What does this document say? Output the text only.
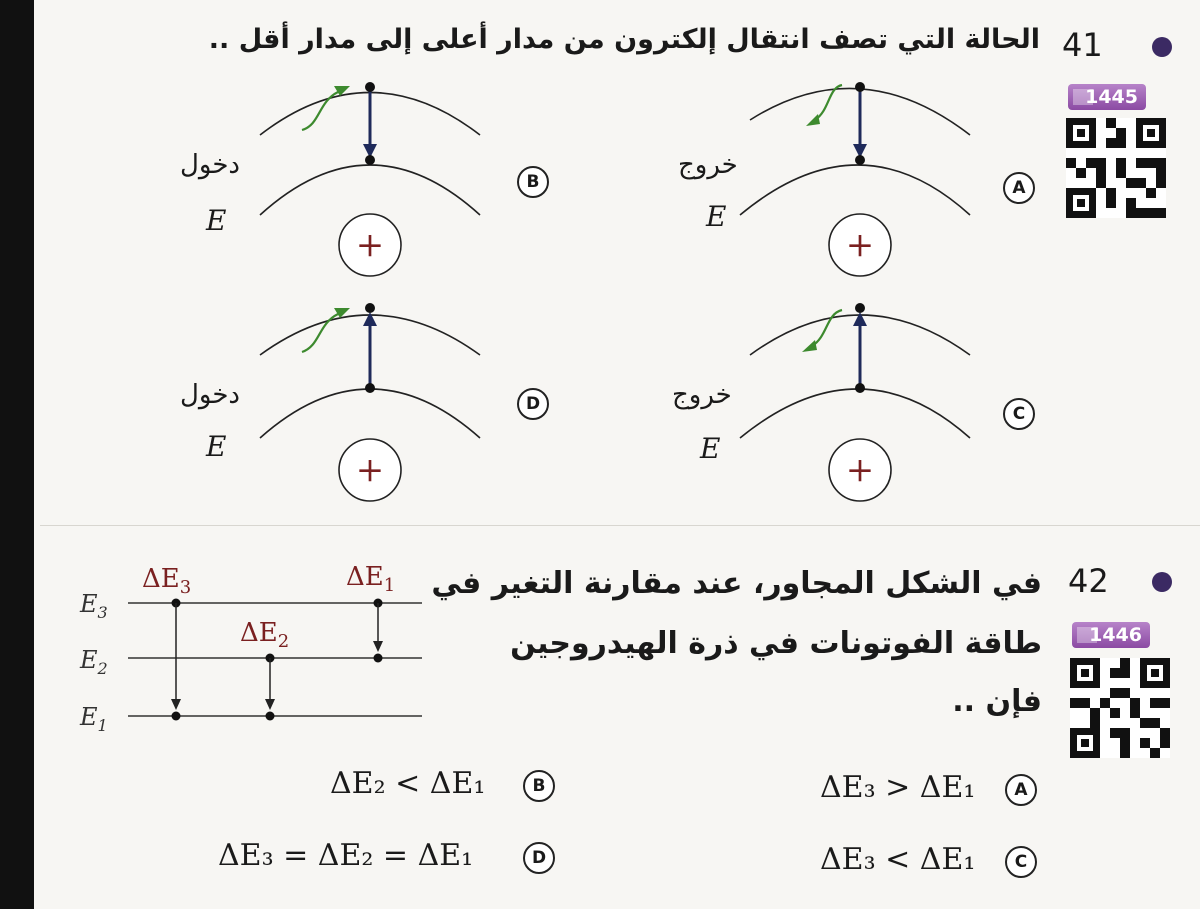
41
الحالة التي تصف انتقال إلكترون من مدار أعلى إلى مدار أقل ..
1445
+
خروج
E
A
+
دخول
E
B
+
خروج
E
C
+
دخول
E
D
42
في الشكل المجاور، عند مقارنة التغير في
طاقة الفوتونات في ذرة الهيدروجين
فإن ..
1446
$E_3$
$E_2$
$E_1$
$\Delta E_3$
$\Delta E_2$
$\Delta E_1$
ΔE₃ > ΔE₁	A
ΔE₂ < ΔE₁	B
ΔE₃ < ΔE₁	C
ΔE₃ = ΔE₂ = ΔE₁	D
